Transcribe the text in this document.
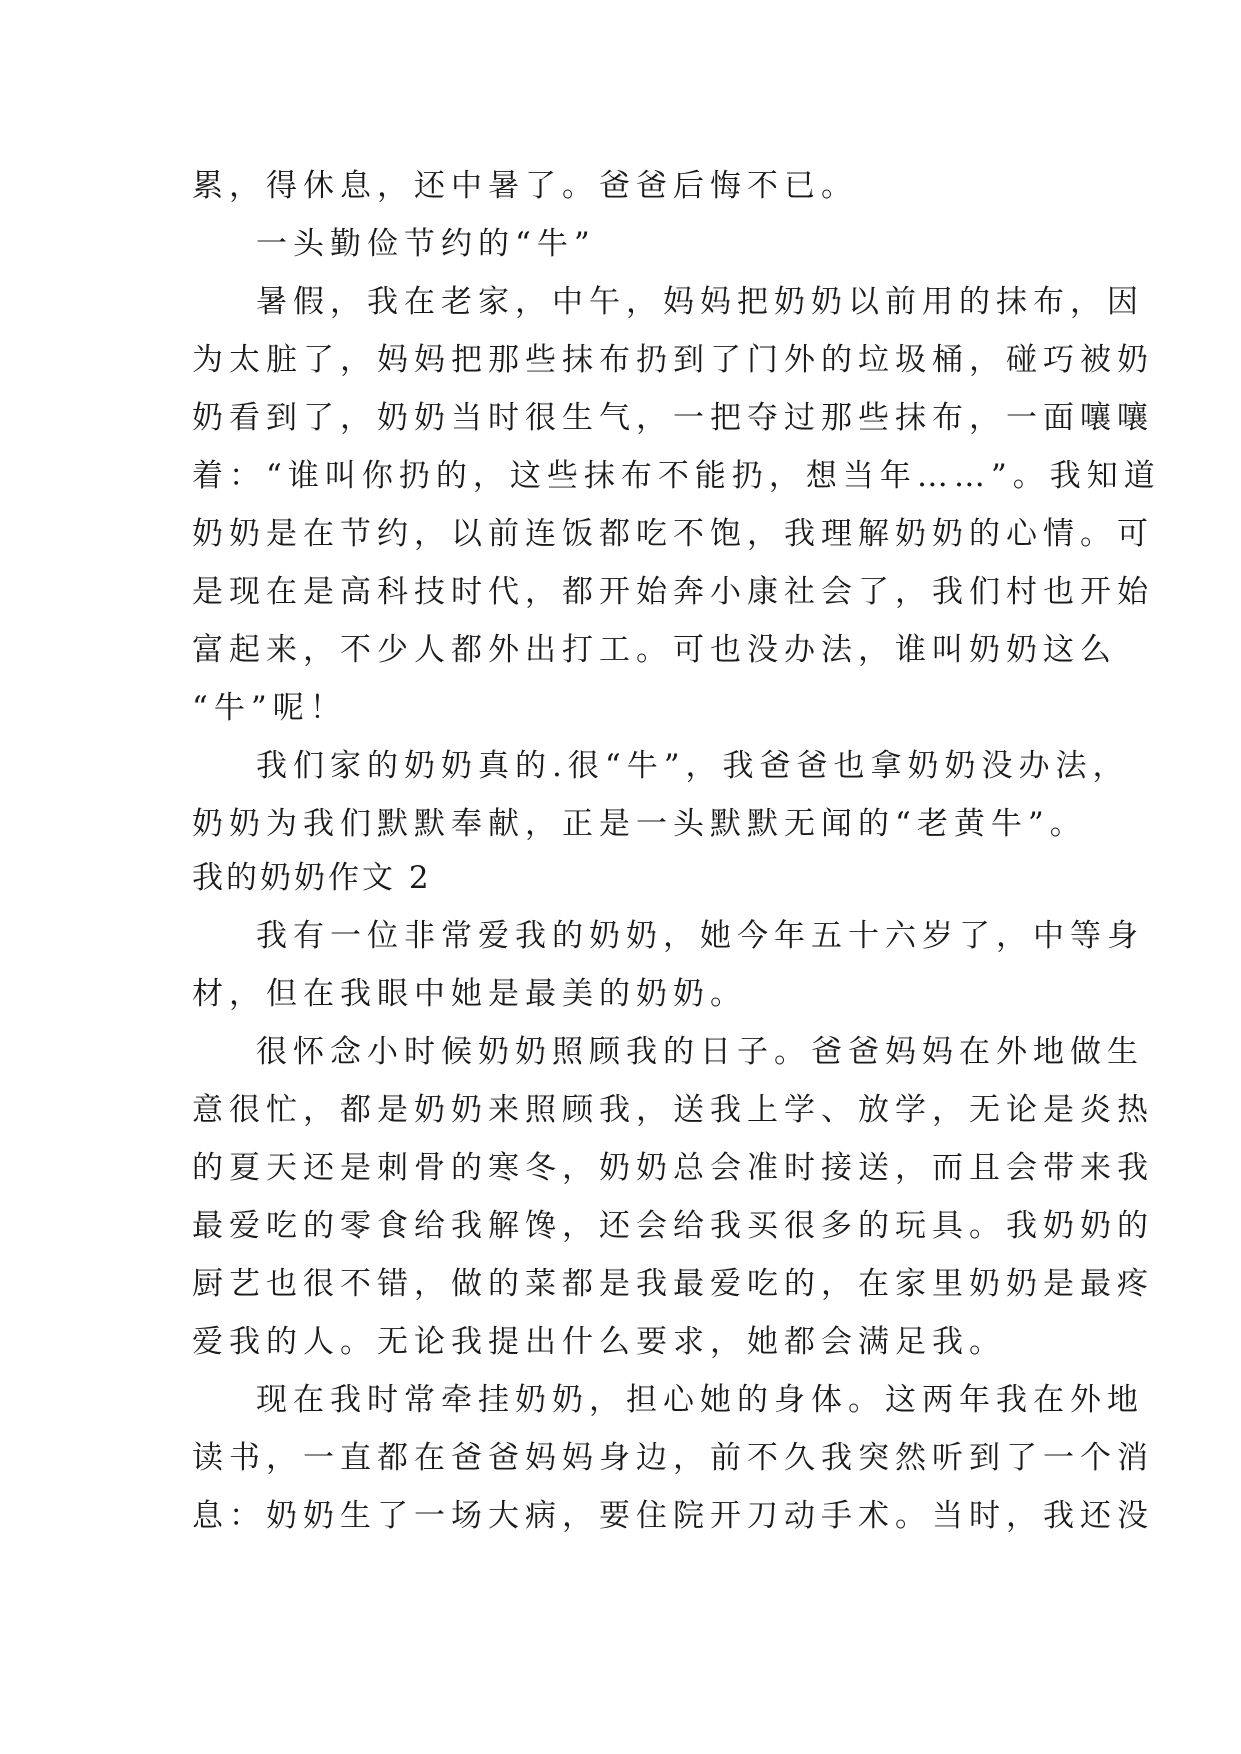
累，得休息，还中暑了。爸爸后悔不已。
一头勤俭节约的“牛”
暑假，我在老家，中午，妈妈把奶奶以前用的抹布，因
为太脏了，妈妈把那些抹布扔到了门外的垃圾桶，碰巧被奶
奶看到了，奶奶当时很生气，一把夺过那些抹布，一面嚷嚷
着：“谁叫你扔的，这些抹布不能扔，想当年……”。我知道
奶奶是在节约，以前连饭都吃不饱，我理解奶奶的心情。可
是现在是高科技时代，都开始奔小康社会了，我们村也开始
富起来，不少人都外出打工。可也没办法，谁叫奶奶这么
“牛”呢！
我们家的奶奶真的.很“牛”，我爸爸也拿奶奶没办法，
奶奶为我们默默奉献，正是一头默默无闻的“老黄牛”。
我的奶奶作文 2
我有一位非常爱我的奶奶，她今年五十六岁了，中等身
材，但在我眼中她是最美的奶奶。
很怀念小时候奶奶照顾我的日子。爸爸妈妈在外地做生
意很忙，都是奶奶来照顾我，送我上学、放学，无论是炎热
的夏天还是刺骨的寒冬，奶奶总会准时接送，而且会带来我
最爱吃的零食给我解馋，还会给我买很多的玩具。我奶奶的
厨艺也很不错，做的菜都是我最爱吃的，在家里奶奶是最疼
爱我的人。无论我提出什么要求，她都会满足我。
现在我时常牵挂奶奶，担心她的身体。这两年我在外地
读书，一直都在爸爸妈妈身边，前不久我突然听到了一个消
息：奶奶生了一场大病，要住院开刀动手术。当时，我还没
